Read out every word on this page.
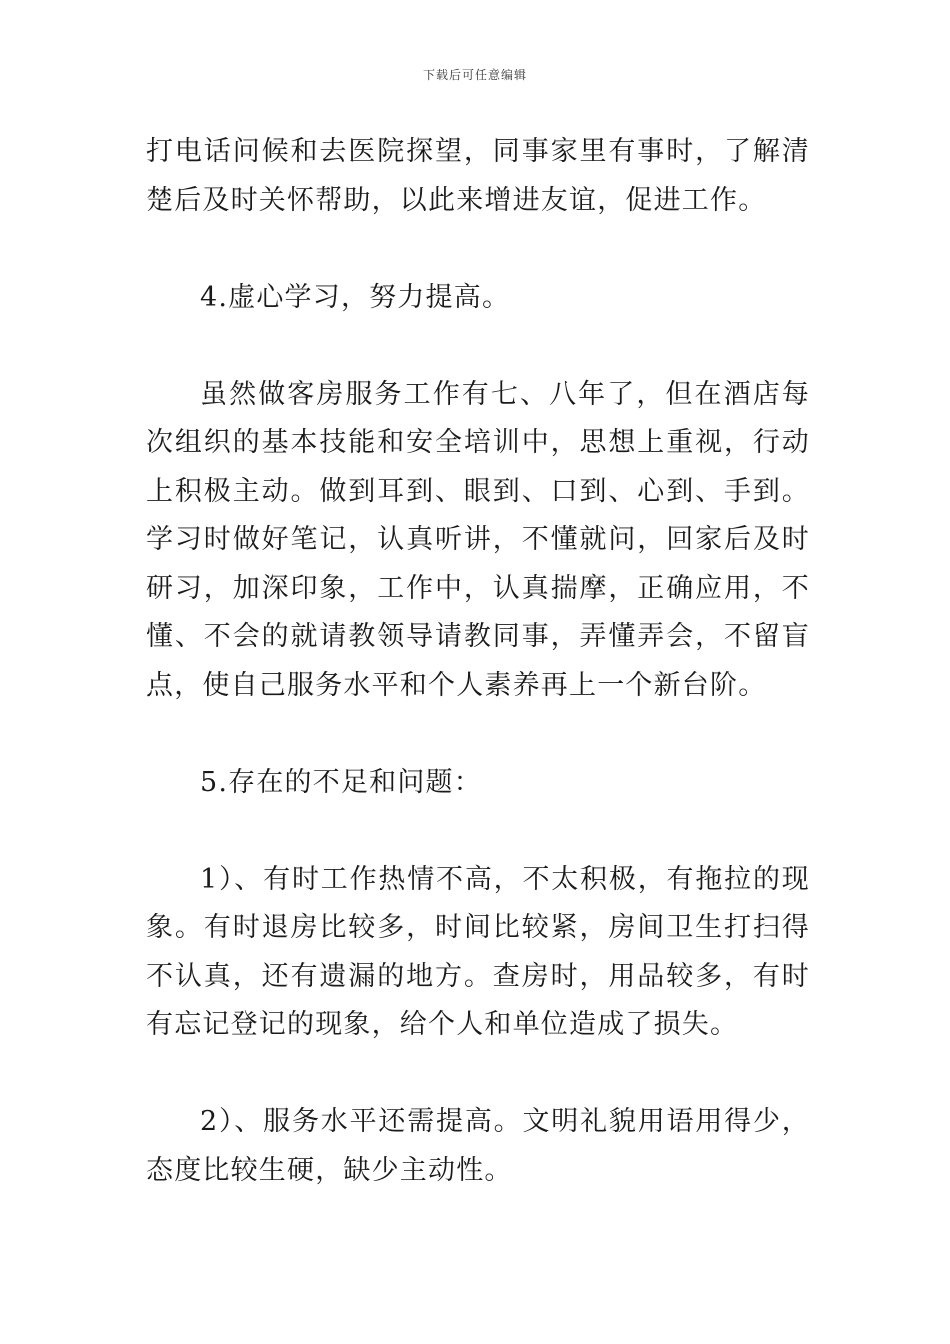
下载后可任意编辑

打电话问候和去医院探望，同事家里有事时，了解清楚后及时关怀帮助，以此来增进友谊，促进工作。

4.虚心学习，努力提高。

虽然做客房服务工作有七、八年了，但在酒店每次组织的基本技能和安全培训中，思想上重视，行动上积极主动。做到耳到、眼到、口到、心到、手到。学习时做好笔记，认真听讲，不懂就问，回家后及时研习，加深印象，工作中，认真揣摩，正确应用，不懂、不会的就请教领导请教同事，弄懂弄会，不留盲点，使自己服务水平和个人素养再上一个新台阶。

5.存在的不足和问题：

1）、有时工作热情不高，不太积极，有拖拉的现象。有时退房比较多，时间比较紧，房间卫生打扫得不认真，还有遗漏的地方。查房时，用品较多，有时有忘记登记的现象，给个人和单位造成了损失。

2）、服务水平还需提高。文明礼貌用语用得少，态度比较生硬，缺少主动性。
